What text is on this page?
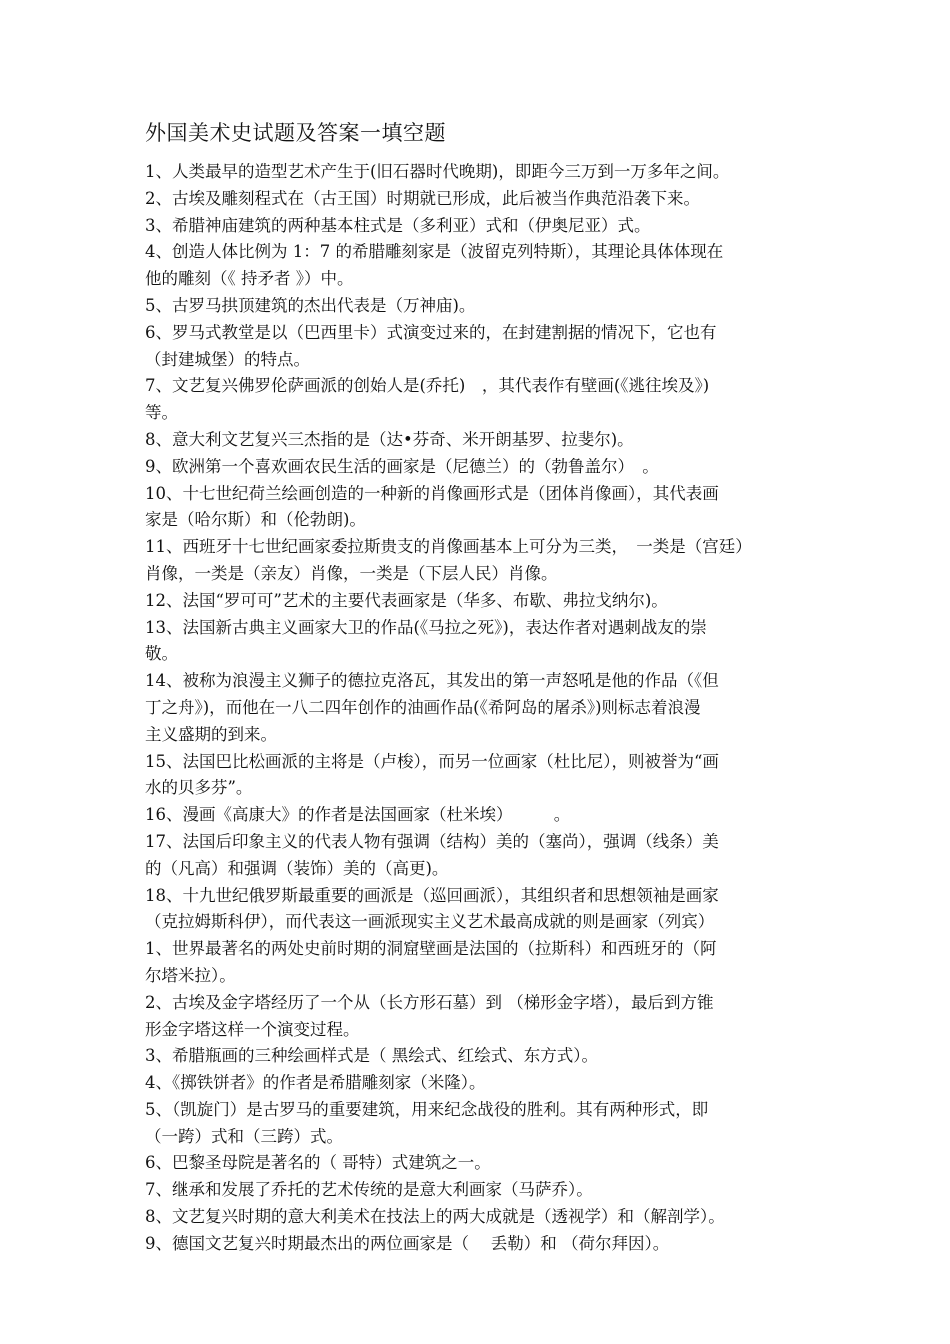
外国美术史试题及答案一填空题
1、人类最早的造型艺术产生于(旧石器时代晚期)，即距今三万到一万多年之间。
2、古埃及雕刻程式在（古王国）时期就已形成，此后被当作典范沿袭下来。
3、希腊神庙建筑的两种基本柱式是（多利亚）式和（伊奥尼亚）式。
4、创造人体比例为 1：7 的希腊雕刻家是（波留克列特斯），其理论具体体现在
他的雕刻（《 持矛者 》）中。
5、古罗马拱顶建筑的杰出代表是（万神庙)。
6、罗马式教堂是以（巴西里卡）式演变过来的，在封建割据的情况下，它也有
（封建城堡）的特点。
7、文艺复兴佛罗伦萨画派的创始人是(乔托)　，其代表作有壁画(《逃往埃及》)
等。
8、意大利文艺复兴三杰指的是（达•芬奇、米开朗基罗、拉斐尔)。
9、欧洲第一个喜欢画农民生活的画家是（尼德兰）的（勃鲁盖尔）　。
10、十七世纪荷兰绘画创造的一种新的肖像画形式是（团体肖像画），其代表画
家是（哈尔斯）和（伦勃朗)。
11、西班牙十七世纪画家委拉斯贵支的肖像画基本上可分为三类，　一类是（宫廷）
肖像，一类是（亲友）肖像，一类是（下层人民）肖像。
12、法国“罗可可”艺术的主要代表画家是（华多、布歇、弗拉戈纳尔)。
13、法国新古典主义画家大卫的作品(《马拉之死》)，表达作者对遇刺战友的崇
敬。
14、被称为浪漫主义狮子的德拉克洛瓦，其发出的第一声怒吼是他的作品（《但
丁之舟》)，而他在一八二四年创作的油画作品(《希阿岛的屠杀》)则标志着浪漫
主义盛期的到来。
15、法国巴比松画派的主将是（卢梭），而另一位画家（杜比尼），则被誉为“画
水的贝多芬”。
16、漫画《高康大》的作者是法国画家（杜米埃）　　　。
17、法国后印象主义的代表人物有强调（结构）美的（塞尚），强调（线条）美
的（凡高）和强调（装饰）美的（高更)。
18、十九世纪俄罗斯最重要的画派是（巡回画派），其组织者和思想领袖是画家
（克拉姆斯科伊），而代表这一画派现实主义艺术最高成就的则是画家（列宾）
1、世界最著名的两处史前时期的洞窟壁画是法国的（拉斯科）和西班牙的（阿
尔塔米拉）。
2、古埃及金字塔经历了一个从（长方形石墓）到 （梯形金字塔），最后到方锥
形金字塔这样一个演变过程。
3、希腊瓶画的三种绘画样式是（ 黑绘式、红绘式、东方式）。
4、《掷铁饼者》的作者是希腊雕刻家（米隆）。
5、（凯旋门）是古罗马的重要建筑，用来纪念战役的胜利。其有两种形式，即
（一跨）式和（三跨）式。
6、巴黎圣母院是著名的（ 哥特）式建筑之一。
7、继承和发展了乔托的艺术传统的是意大利画家（马萨乔）。
8、文艺复兴时期的意大利美术在技法上的两大成就是（透视学）和（解剖学）。
9、德国文艺复兴时期最杰出的两位画家是（　 丢勒）和 （荷尔拜因）。
